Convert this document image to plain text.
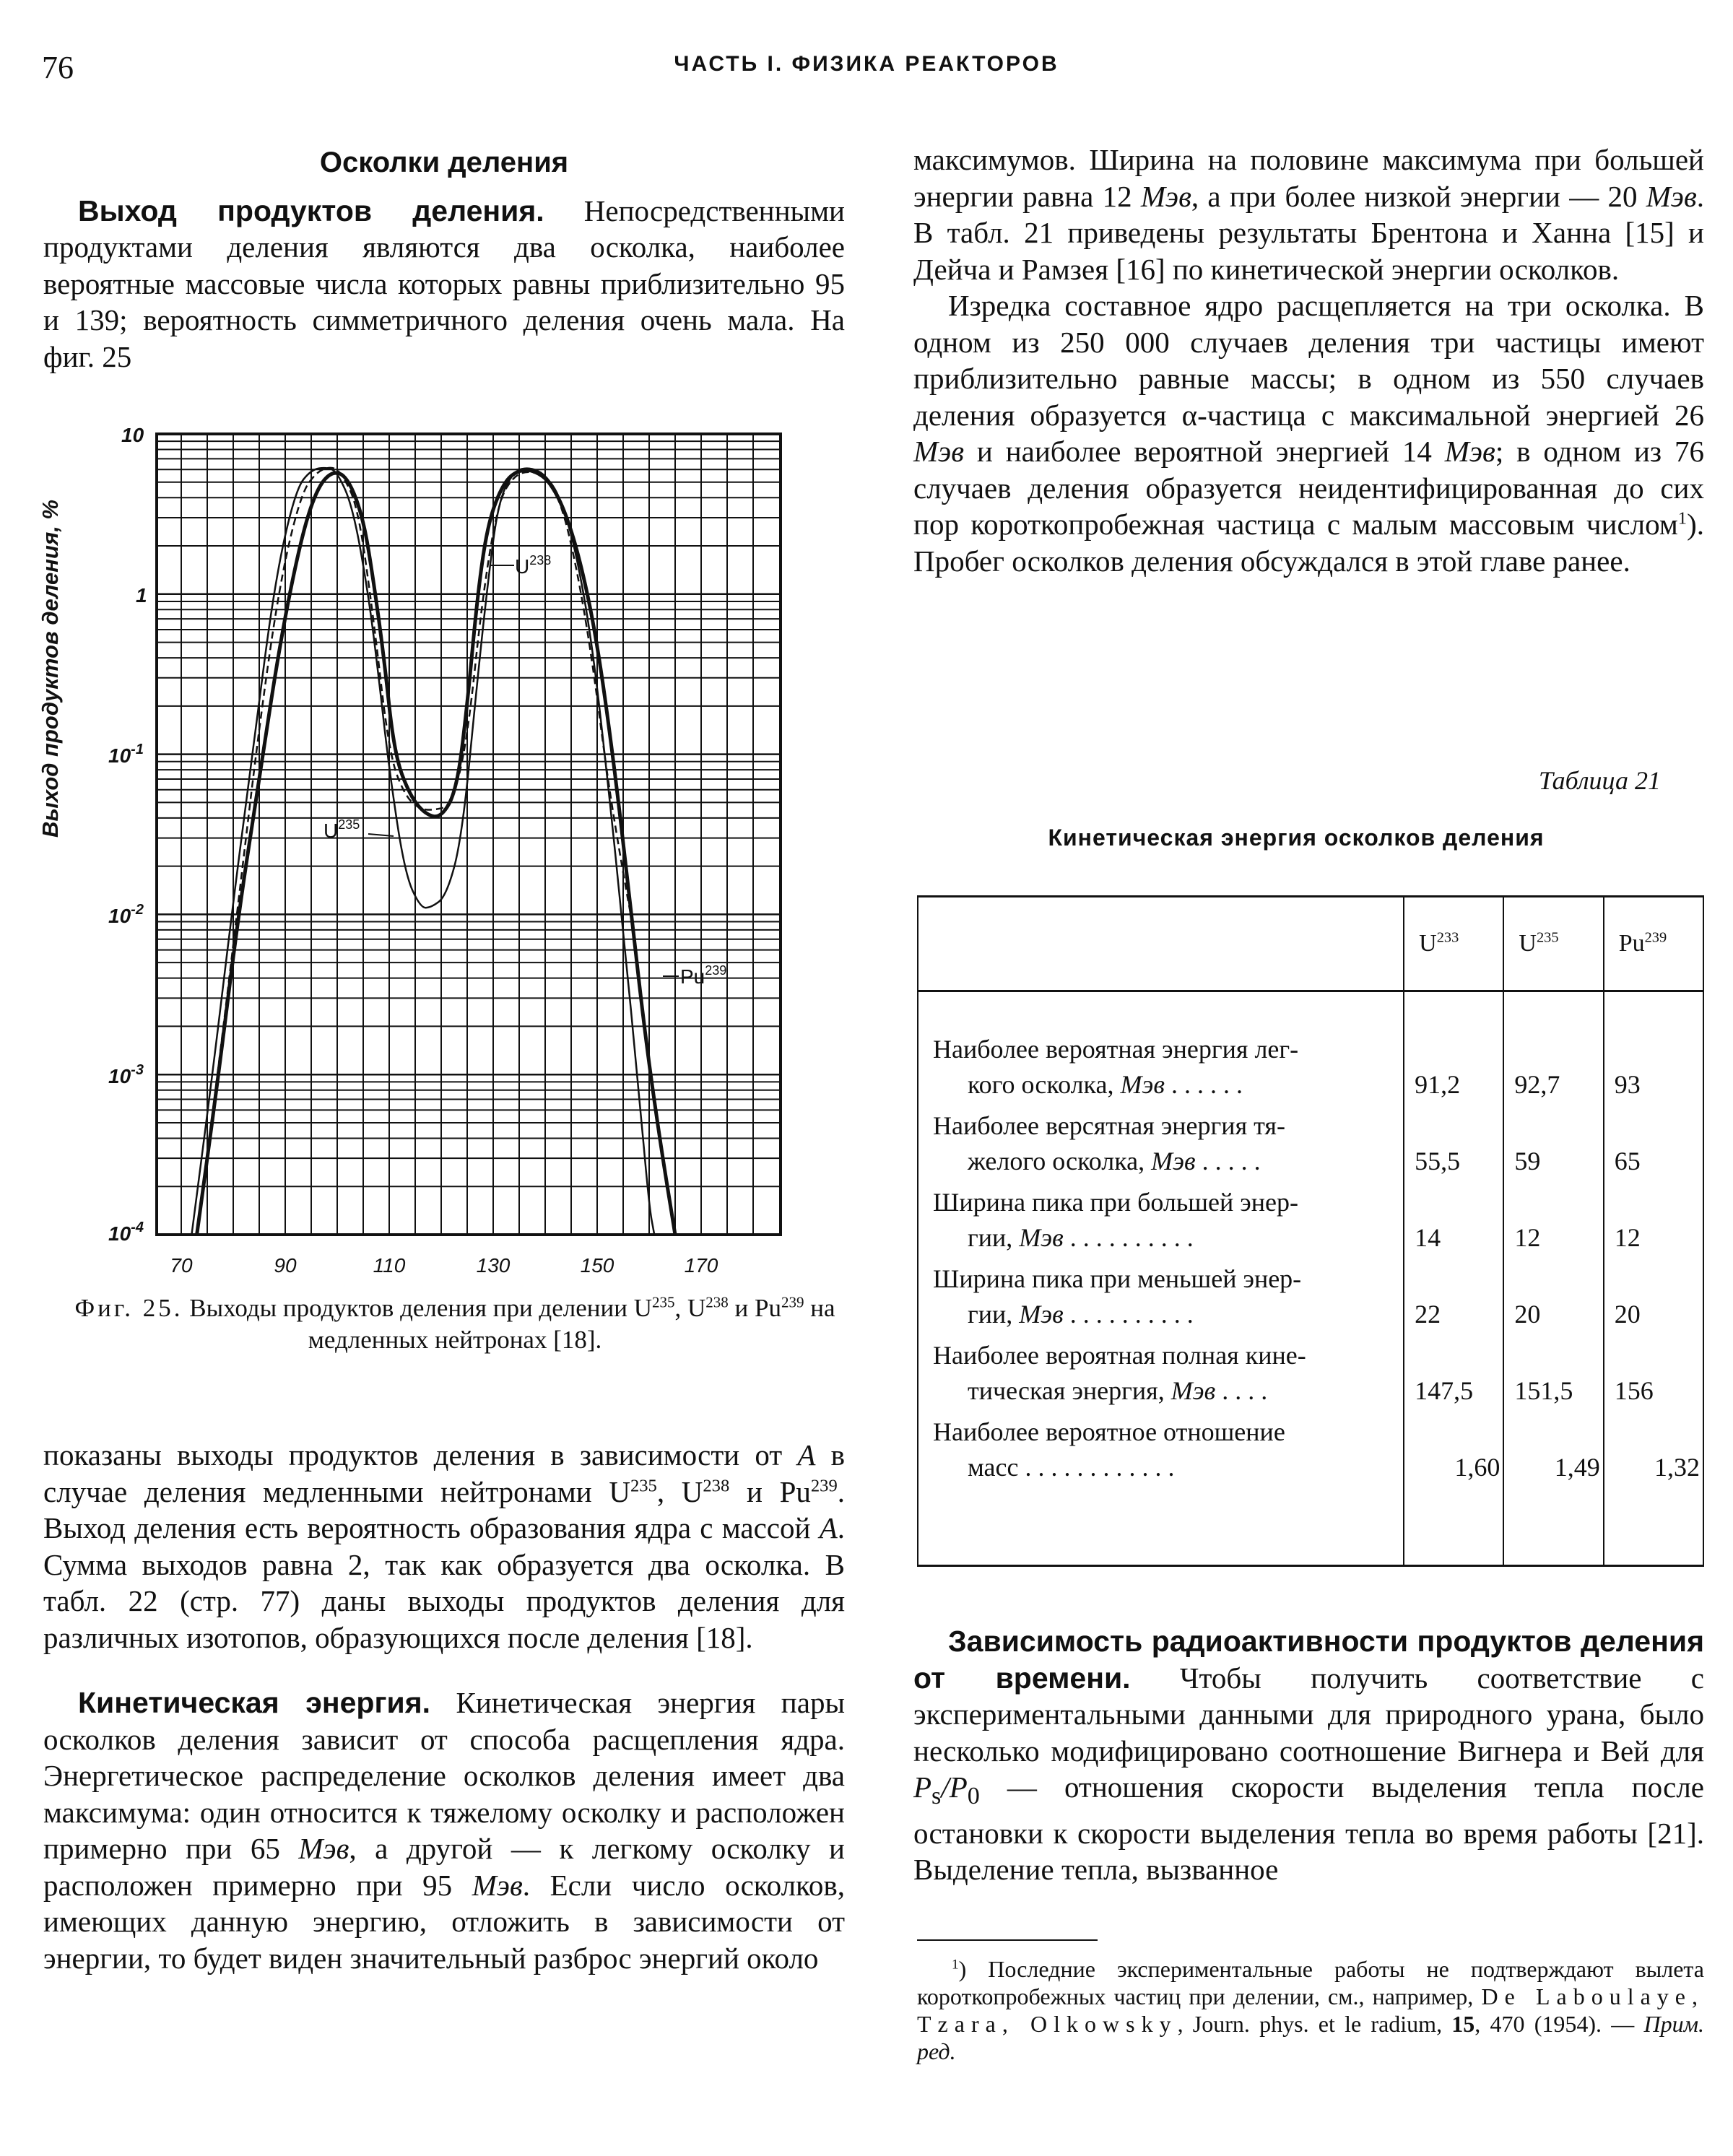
76	ЧАСТЬ I. ФИЗИКА РЕАКТОРОВ
Осколки деления

Выход продуктов деления. Непосредственными продуктами деления являются два осколка, наиболее вероятные массовые числа которых равны приблизительно 95 и 139; вероятность симметричного деления очень мала. На фиг. 25

10
1
$10^{-1}$
$10^{-2}$
$10^{-3}$
$10^{-4}$
70	90	110	130	150	170
$U^{238}$
$U^{235}$
Pu$^{239}$
Выход продуктов деления, %
Фиг. 25. Выходы продуктов деления при делении $U^{235}$, $U^{238}$ и Pu$^{239}$ на медленных нейтронах [18].

показаны выходы продуктов деления в зависимости от A в случае деления медленными нейтронами $U^{235}$, $U^{238}$ и Pu$^{239}$. Выход деления есть вероятность образования ядра с массой A. Сумма выходов равна 2, так как образуется два осколка. В табл. 22 (стр. 77) даны выходы продуктов деления для различных изотопов, образующихся после деления [18].

Кинетическая энергия. Кинетическая энергия пары осколков деления зависит от способа расщепления ядра. Энергетическое распределение осколков деления имеет два максимума: один относится к тяжелому осколку и расположен примерно при 65 Мэв, а другой — к легкому осколку и расположен примерно при 95 Мэв. Если число осколков, имеющих данную энергию, отложить в зависимости от энергии, то будет виден значительный разброс энергий около

максимумов. Ширина на половине максимума при большей энергии равна 12 Мэв, а при более низкой энергии — 20 Мэв. В табл. 21 приведены результаты Брентона и Ханна [15] и Дейча и Рамзея [16] по кинетической энергии осколков.

Изредка составное ядро расщепляется на три осколка. В одном из 250 000 случаев деления три частицы имеют приблизительно равные массы; в одном из 550 случаев деления образуется α-частица с максимальной энергией 26 Мэв и наиболее вероятной энергией 14 Мэв; в одном из 76 случаев деления образуется неидентифицированная до сих пор короткопробежная частица с малым массовым числом$^1$). Пробег осколков деления обсуждался в этой главе ранее.

Таблица 21
Кинетическая энергия осколков деления
	$U^{233}$	$U^{235}$	Pu$^{239}$
Наиболее вероятная энергия лег-
кого осколка, Мэв . . . . . .	91,2	92,7	93
Наиболее версятная энергия тя-
желого осколка, Мэв . . . . .	55,5	59	65
Ширина пика при большей энер-
гии, Мэв . . . . . . . . . .	14	12	12
Ширина пика при меньшей энер-
гии, Мэв . . . . . . . . . .	22	20	20
Наиболее вероятная полная кине-
тическая энергия, Мэв . . . .	147,5	151,5	156
Наиболее вероятное отношение
масс . . . . . . . . . . . .	1,60	1,49	1,32

Зависимость радиоактивности продуктов деления от времени. Чтобы получить соответствие с экспериментальными данными для природного урана, было несколько модифицировано соотношение Вигнера и Вей для $P_s/P_0$ — отношения скорости выделения тепла после остановки к скорости выделения тепла во время работы [21]. Выделение тепла, вызванное

$^1$) Последние экспериментальные работы не подтверждают вылета короткопробежных частиц при делении, см., например, De Laboulaye, Tzara, Olkowsky, Journ. phys. et le radium, 15, 470 (1954). — Прим. ред.
